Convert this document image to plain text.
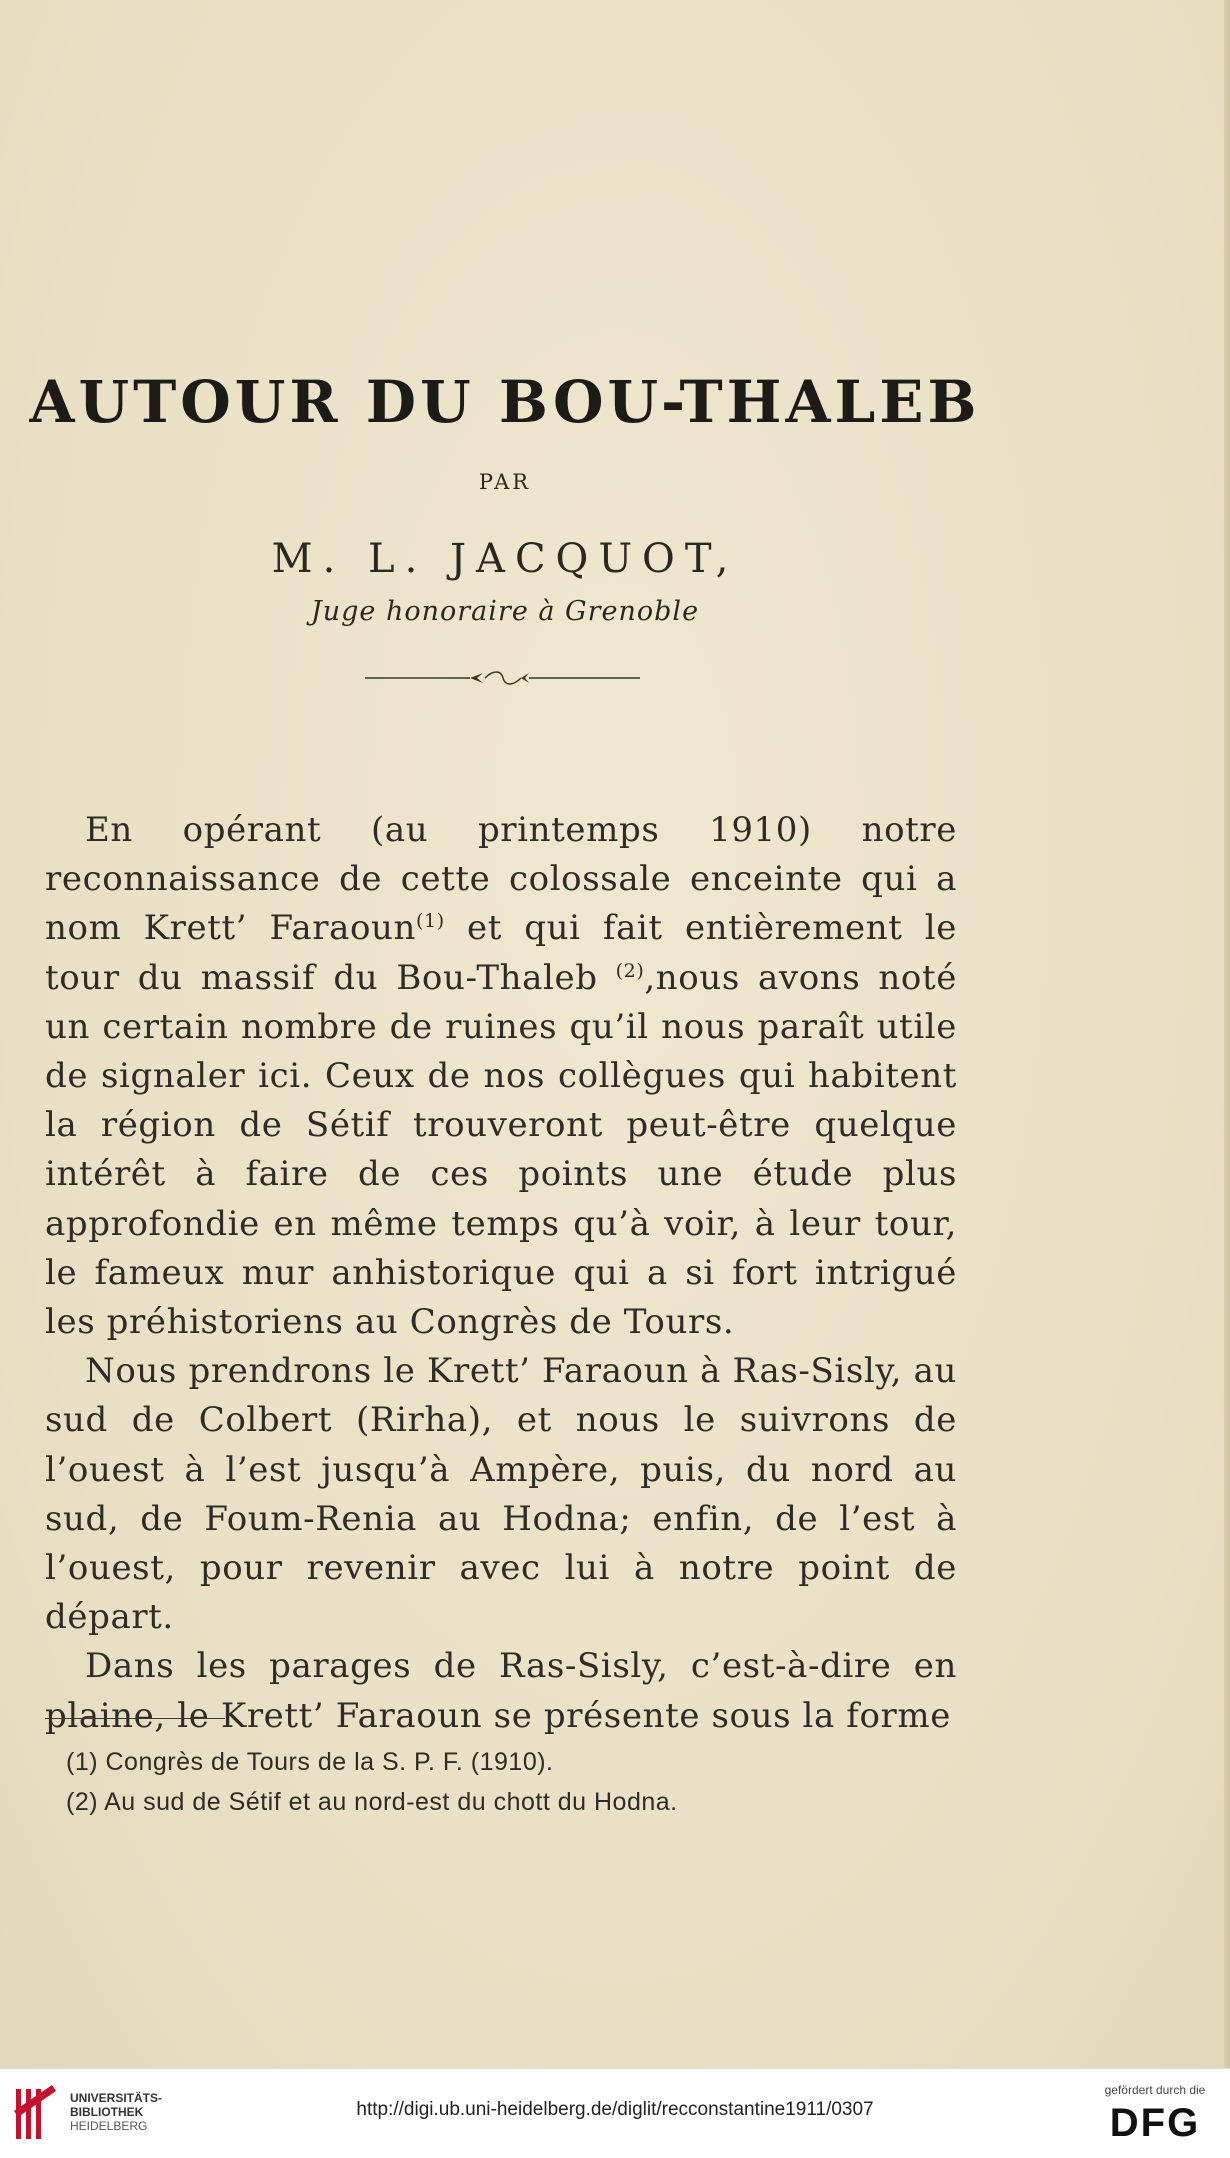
AUTOUR DU BOU-THALEB
PAR
M. L. JACQUOT,
Juge honoraire à Grenoble

En opérant (au printemps 1910) notre reconnaissance de cette colossale enceinte qui a nom Krett’ Faraoun$^{(1)}$ et qui fait entièrement le tour du massif du Bou-Thaleb $^{(2)}$,nous avons noté un certain nombre de ruines qu’il nous paraît utile de signaler ici. Ceux de nos collègues qui habitent la région de Sétif trouveront peut-être quelque intérêt à faire de ces points une étude plus approfondie en même temps qu’à voir, à leur tour, le fameux mur anhistorique qui a si fort intrigué les préhistoriens au Congrès de Tours.

Nous prendrons le Krett’ Faraoun à Ras-Sisly, au sud de Colbert (Rirha), et nous le suivrons de l’ouest à l’est jusqu’à Ampère, puis, du nord au sud, de Foum-Renia au Hodna; enfin, de l’est à l’ouest, pour revenir avec lui à notre point de départ.

Dans les parages de Ras-Sisly, c’est-à-dire en plaine, le Krett’ Faraoun se présente sous la forme

(1) Congrès de Tours de la S. P. F. (1910).

(2) Au sud de Sétif et au nord-est du chott du Hodna.

UNIVERSITÄTS-
BIBLIOTHEK
HEIDELBERG
http://digi.ub.uni-heidelberg.de/diglit/recconstantine1911/0307
gefördert durch die
DFG
